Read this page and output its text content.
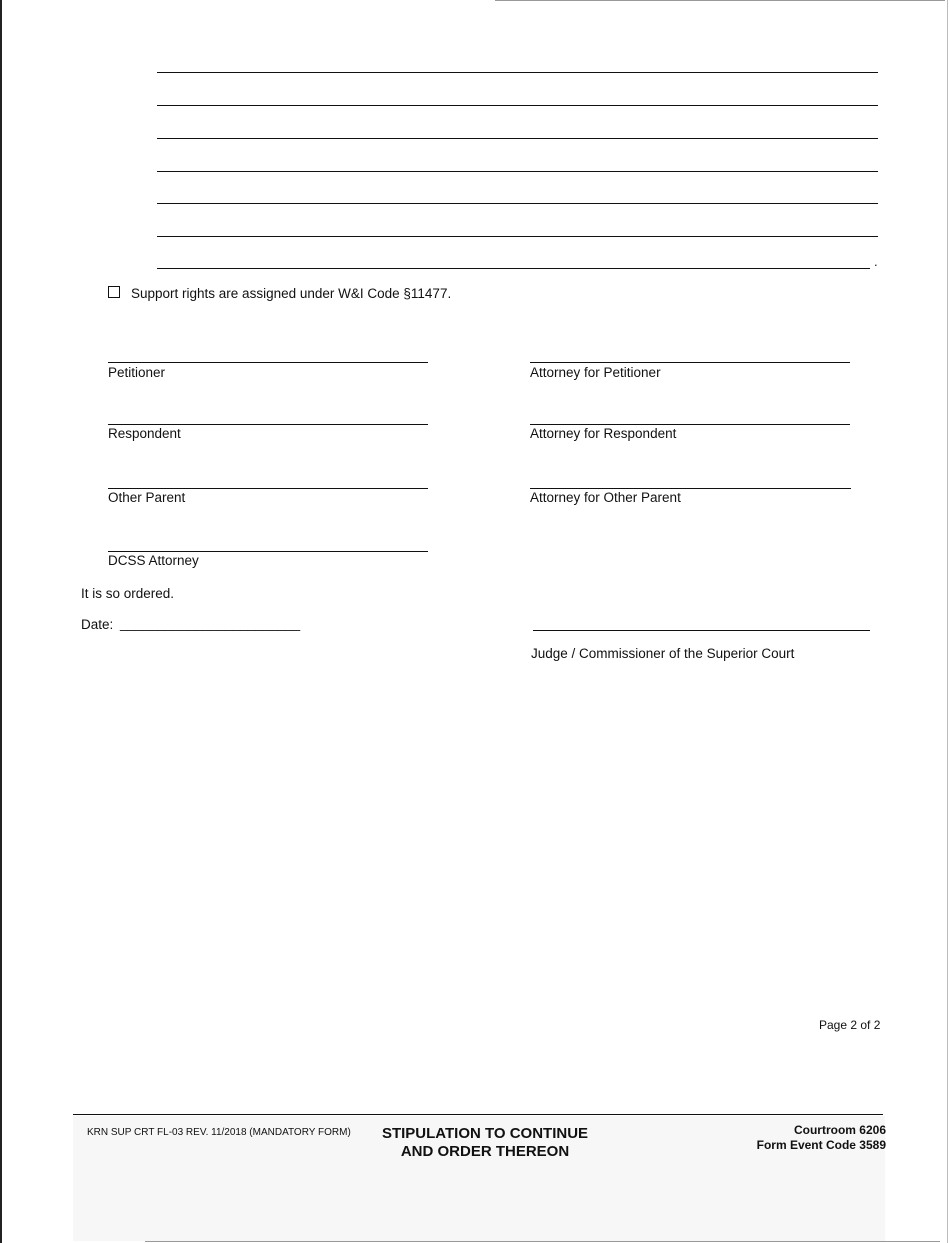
.
Support rights are assigned under W&I Code §11477.
Petitioner
Respondent
Other Parent
DCSS Attorney
Attorney for Petitioner
Attorney for Respondent
Attorney for Other Parent
It is so ordered.
Date: ________________________
Judge / Commissioner of the Superior Court
Page 2 of 2
KRN SUP CRT FL-03 REV. 11/2018 (MANDATORY FORM)	STIPULATION TO CONTINUE
AND ORDER THEREON
Courtroom 6206
Form Event Code 3589
